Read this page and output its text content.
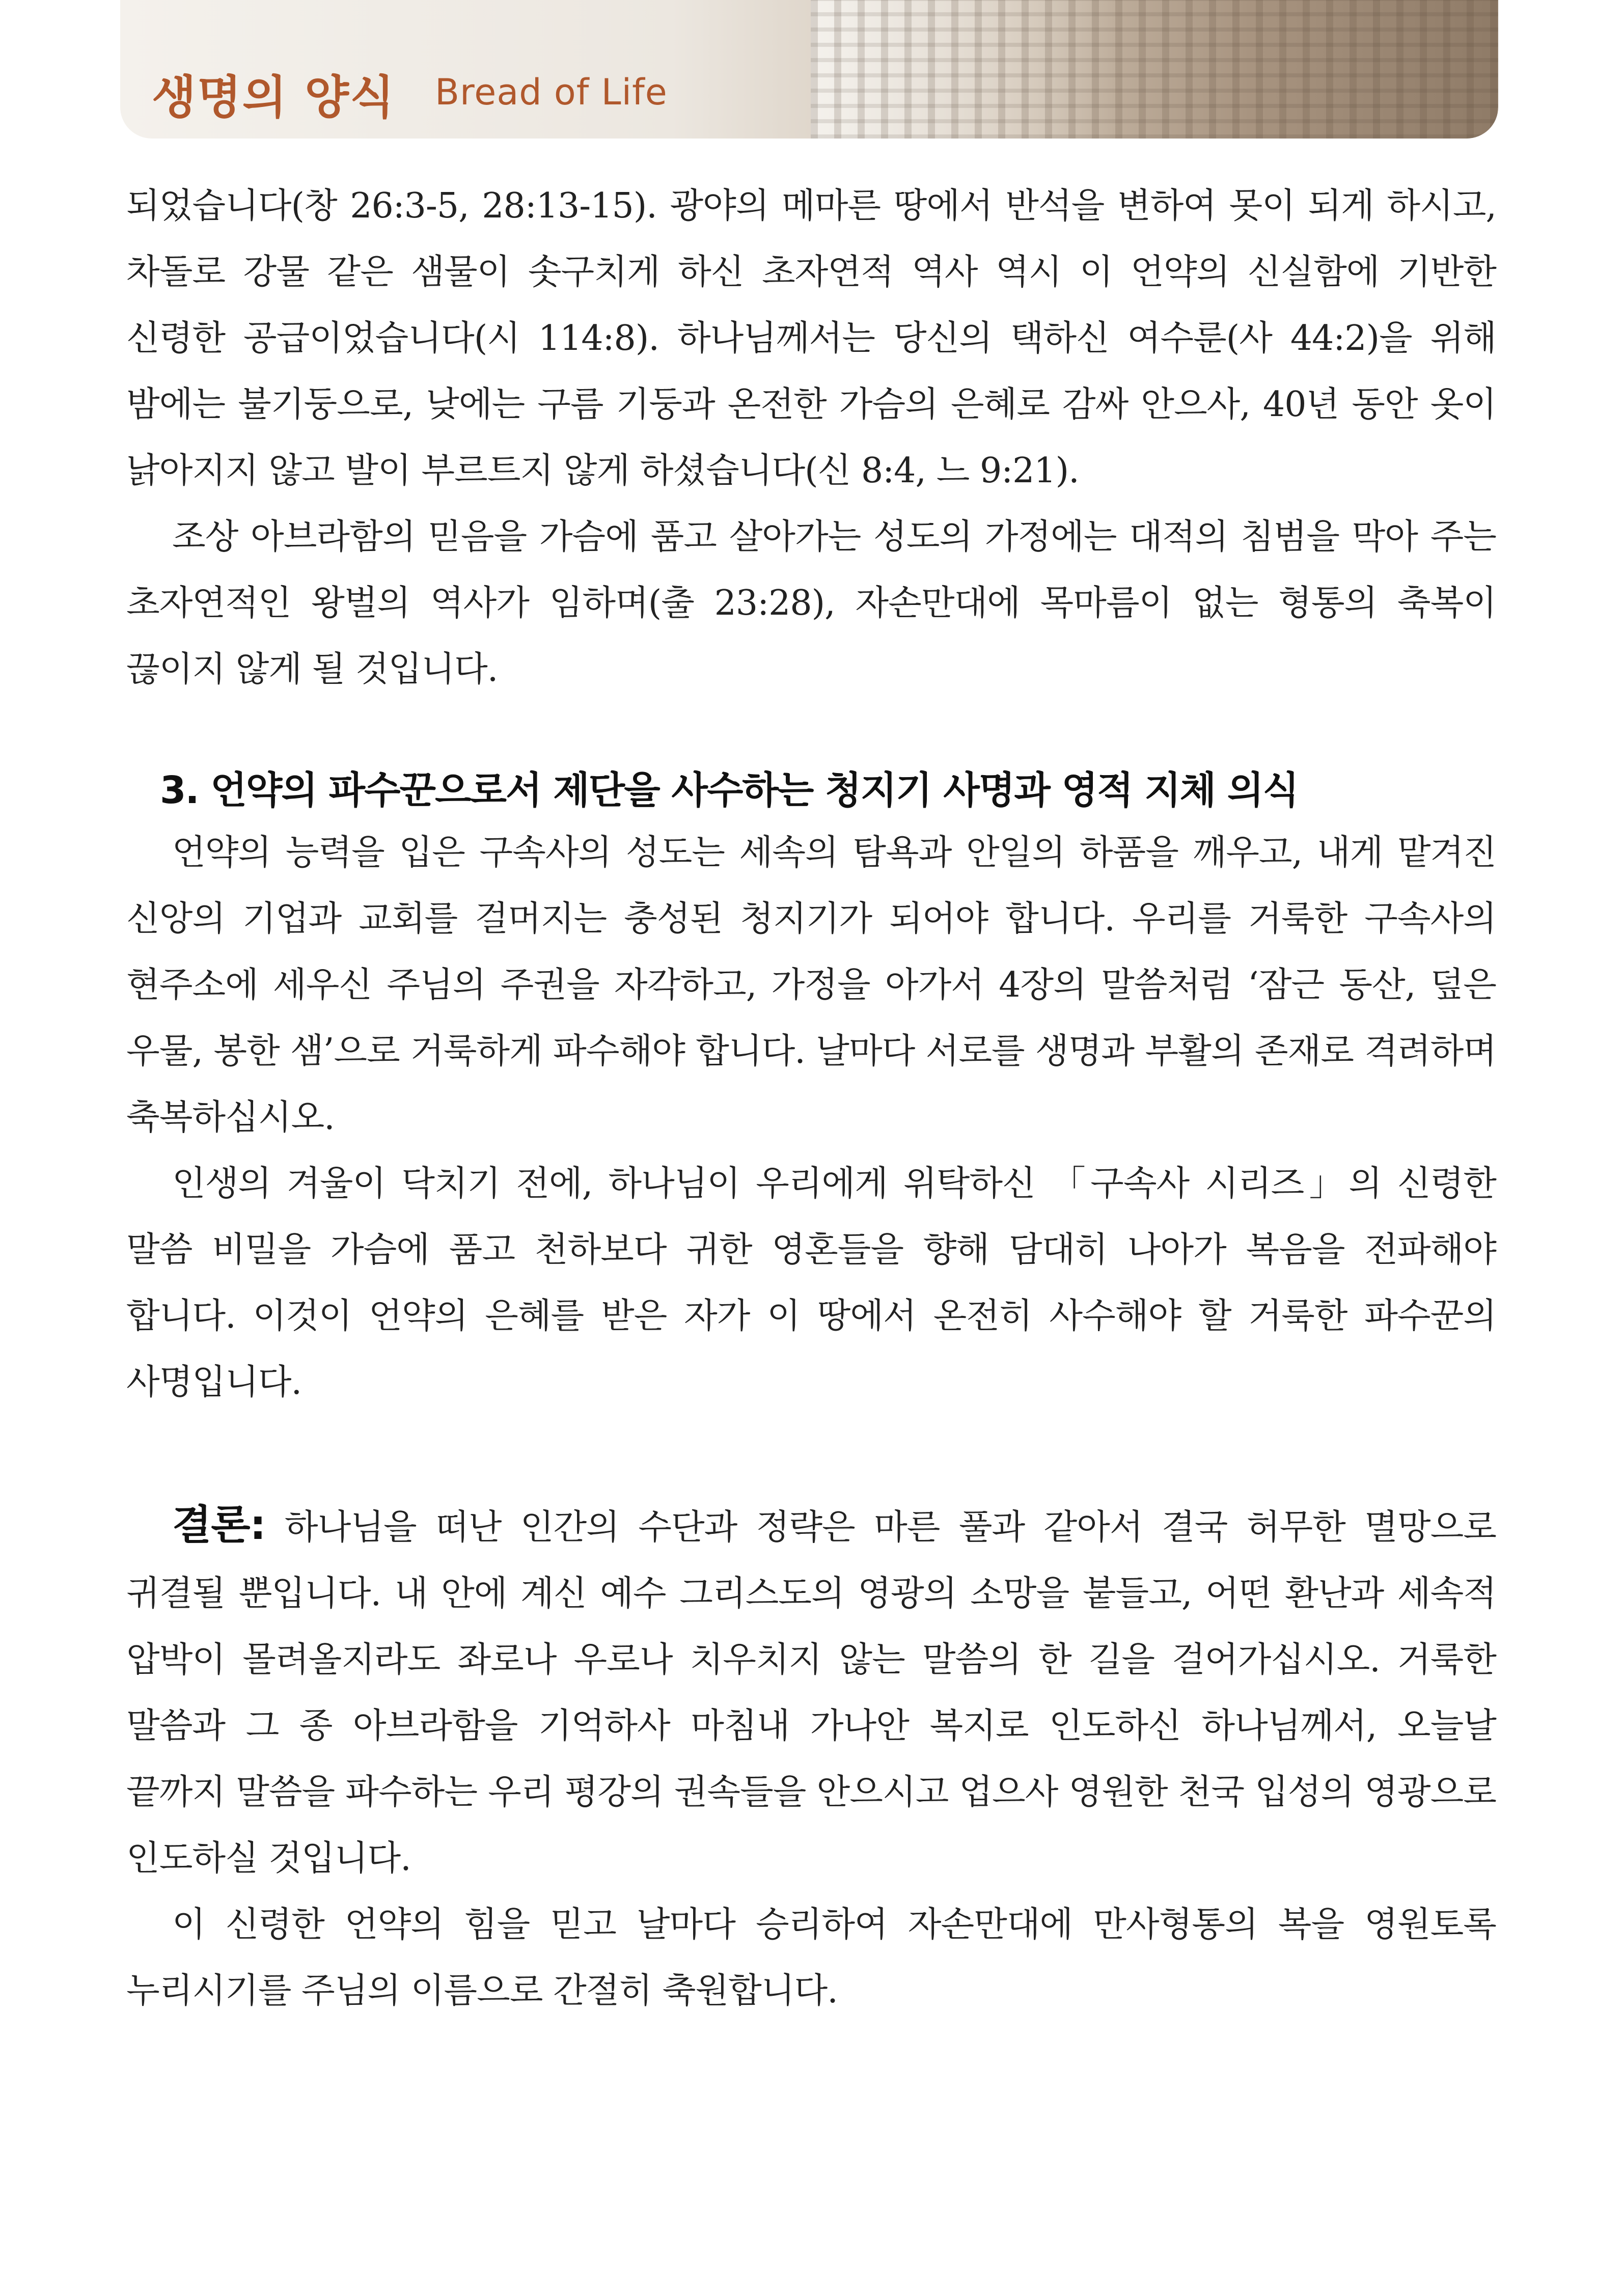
생명의 양식 Bread of Life

되었습니다(창 26:3-5, 28:13-15). 광야의 메마른 땅에서 반석을 변하여 못이 되게 하시고, 차돌로 강물 같은 샘물이 솟구치게 하신 초자연적 역사 역시 이 언약의 신실함에 기반한 신령한 공급이었습니다(시 114:8). 하나님께서는 당신의 택하신 여수룬(사 44:2)을 위해 밤에는 불기둥으로, 낮에는 구름 기둥과 온전한 가슴의 은혜로 감싸 안으사, 40년 동안 옷이 낡아지지 않고 발이 부르트지 않게 하셨습니다(신 8:4, 느 9:21).

조상 아브라함의 믿음을 가슴에 품고 살아가는 성도의 가정에는 대적의 침범을 막아 주는 초자연적인 왕벌의 역사가 임하며(출 23:28), 자손만대에 목마름이 없는 형통의 축복이 끊이지 않게 될 것입니다.

3. 언약의 파수꾼으로서 제단을 사수하는 청지기 사명과 영적 지체 의식

언약의 능력을 입은 구속사의 성도는 세속의 탐욕과 안일의 하품을 깨우고, 내게 맡겨진 신앙의 기업과 교회를 걸머지는 충성된 청지기가 되어야 합니다. 우리를 거룩한 구속사의 현주소에 세우신 주님의 주권을 자각하고, 가정을 아가서 4장의 말씀처럼 ‘잠근 동산, 덮은 우물, 봉한 샘’으로 거룩하게 파수해야 합니다. 날마다 서로를 생명과 부활의 존재로 격려하며 축복하십시오.

인생의 겨울이 닥치기 전에, 하나님이 우리에게 위탁하신 「구속사 시리즈」의 신령한 말씀 비밀을 가슴에 품고 천하보다 귀한 영혼들을 향해 담대히 나아가 복음을 전파해야 합니다. 이것이 언약의 은혜를 받은 자가 이 땅에서 온전히 사수해야 할 거룩한 파수꾼의 사명입니다.

결론: 하나님을 떠난 인간의 수단과 정략은 마른 풀과 같아서 결국 허무한 멸망으로 귀결될 뿐입니다. 내 안에 계신 예수 그리스도의 영광의 소망을 붙들고, 어떤 환난과 세속적 압박이 몰려올지라도 좌로나 우로나 치우치지 않는 말씀의 한 길을 걸어가십시오. 거룩한 말씀과 그 종 아브라함을 기억하사 마침내 가나안 복지로 인도하신 하나님께서, 오늘날 끝까지 말씀을 파수하는 우리 평강의 권속들을 안으시고 업으사 영원한 천국 입성의 영광으로 인도하실 것입니다.

이 신령한 언약의 힘을 믿고 날마다 승리하여 자손만대에 만사형통의 복을 영원토록 누리시기를 주님의 이름으로 간절히 축원합니다.
